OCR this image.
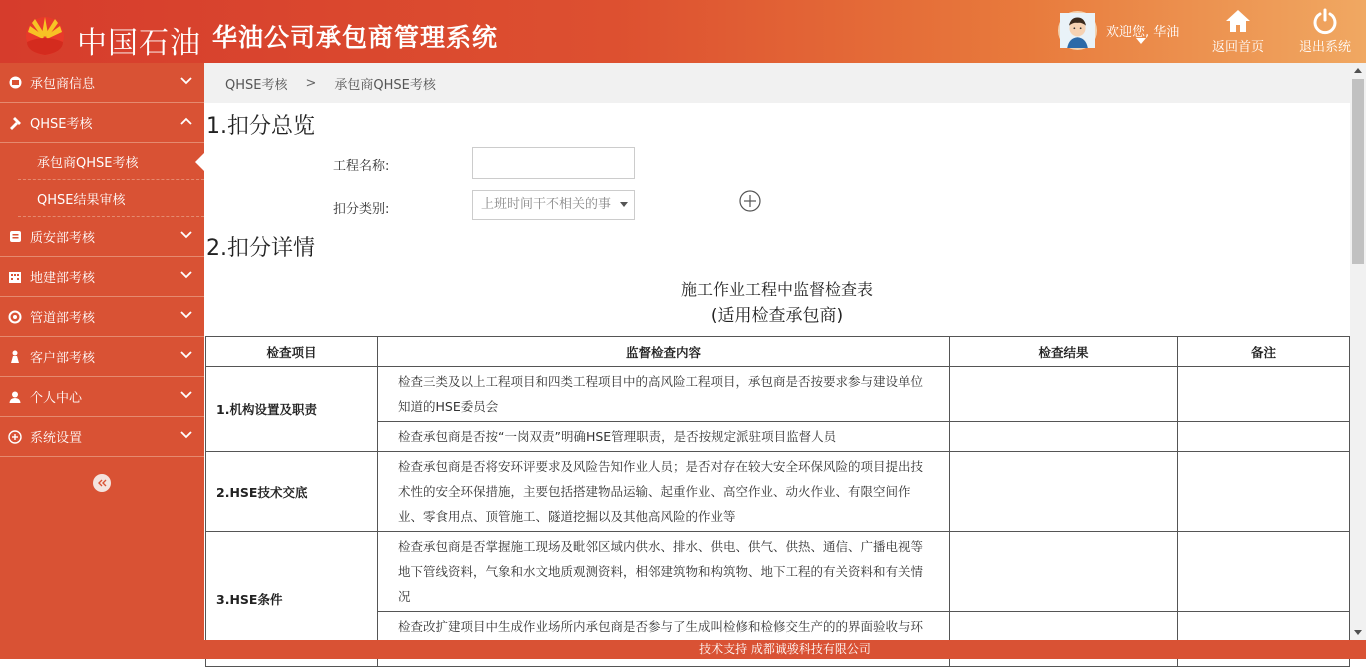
中国石油 华油公司承包商管理系统	欢迎您, 华油
返回首页	退出系统
承包商信息
QHSE考核
承包商QHSE考核
QHSE结果审核
质安部考核
地建部考核
管道部考核
客户部考核
个人中心
系统设置
QHSE考核 > 承包商QHSE考核
1.扣分总览
工程名称:
扣分类别:	上班时间干不相关的事
2.扣分详情
施工作业工程中监督检查表
(适用检查承包商)
检查项目	监督检查内容	检查结果	备注
1.机构设置及职责	检查三类及以上工程项目和四类工程项目中的高风险工程项目，承包商是否按要求参与建设单位知道的HSE委员会		
	检查承包商是否按“一岗双责”明确HSE管理职责，是否按规定派驻项目监督人员		
2.HSE技术交底	检查承包商是否将安环评要求及风险告知作业人员；是否对存在较大安全环保风险的项目提出技术性的安全环保措施，主要包括搭建物品运输、起重作业、高空作业、动火作业、有限空间作业、零食用点、顶管施工、隧道挖掘以及其他高风险的作业等		
3.HSE条件	检查承包商是否掌握施工现场及毗邻区域内供水、排水、供电、供气、供热、通信、广播电视等地下管线资料，气象和水文地质观测资料，相邻建筑物和构筑物、地下工程的有关资料和有关情况		
	检查改扩建项目中生成作业场所内承包商是否参与了生成叫检修和检修交生产的的界面验收与环		
技术支持 成都诚骏科技有限公司
